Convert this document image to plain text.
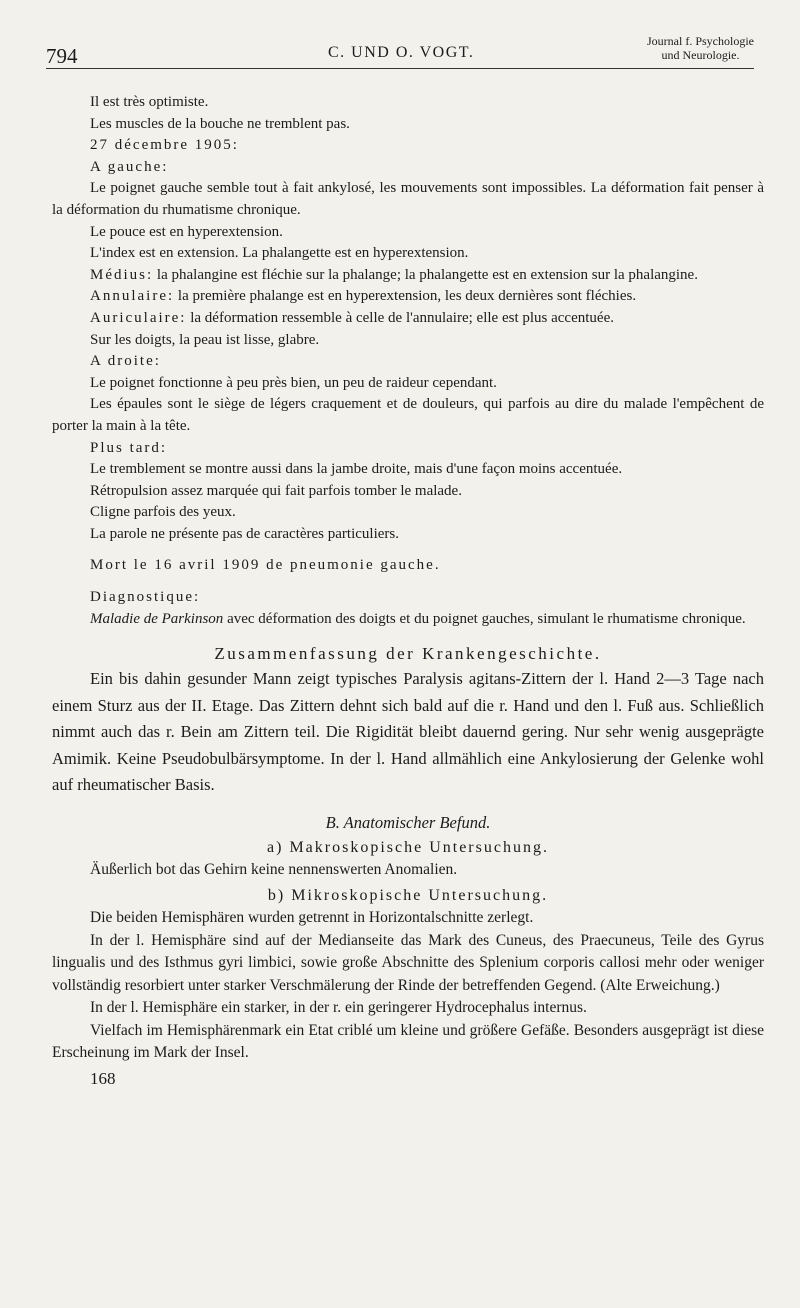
794	C. UND O. VOGT.
Journal f. Psychologie
und Neurologie.

Il est très optimiste.

Les muscles de la bouche ne tremblent pas.

27 décembre 1905:

A gauche:

Le poignet gauche semble tout à fait ankylosé, les mouvements sont impossibles. La déformation fait penser à la déformation du rhumatisme chronique.

Le pouce est en hyperextension.

L'index est en extension. La phalangette est en hyperextension.

Médius: la phalangine est fléchie sur la phalange; la phalangette est en extension sur la phalangine.

Annulaire: la première phalange est en hyperextension, les deux dernières sont fléchies.

Auriculaire: la déformation ressemble à celle de l'annulaire; elle est plus accentuée.

Sur les doigts, la peau ist lisse, glabre.

A droite:

Le poignet fonctionne à peu près bien, un peu de raideur cependant.

Les épaules sont le siège de légers craquement et de douleurs, qui parfois au dire du malade l'empêchent de porter la main à la tête.

Plus tard:

Le tremblement se montre aussi dans la jambe droite, mais d'une façon moins accentuée.

Rétropulsion assez marquée qui fait parfois tomber le malade.

Cligne parfois des yeux.

La parole ne présente pas de caractères particuliers.

Mort le 16 avril 1909 de pneumonie gauche.

Diagnostique:

Maladie de Parkinson avec déformation des doigts et du poignet gauches, simulant le rhumatisme chronique.

Zusammenfassung der Krankengeschichte.

Ein bis dahin gesunder Mann zeigt typisches Paralysis agitans-Zittern der l. Hand 2—3 Tage nach einem Sturz aus der II. Etage. Das Zittern dehnt sich bald auf die r. Hand und den l. Fuß aus. Schließlich nimmt auch das r. Bein am Zittern teil. Die Rigidität bleibt dauernd gering. Nur sehr wenig ausgeprägte Amimik. Keine Pseudobulbärsymptome. In der l. Hand allmählich eine Ankylosierung der Gelenke wohl auf rheumatischer Basis.

B. Anatomischer Befund.
a) Makroskopische Untersuchung.

Äußerlich bot das Gehirn keine nennenswerten Anomalien.

b) Mikroskopische Untersuchung.

Die beiden Hemisphären wurden getrennt in Horizontalschnitte zerlegt.

In der l. Hemisphäre sind auf der Medianseite das Mark des Cuneus, des Praecuneus, Teile des Gyrus lingualis und des Isthmus gyri limbici, sowie große Abschnitte des Splenium corporis callosi mehr oder weniger vollständig resorbiert unter starker Verschmälerung der Rinde der betreffenden Gegend. (Alte Erweichung.)

In der l. Hemisphäre ein starker, in der r. ein geringerer Hydrocephalus internus.

Vielfach im Hemisphärenmark ein Etat criblé um kleine und größere Gefäße. Besonders ausgeprägt ist diese Erscheinung im Mark der Insel.

168
